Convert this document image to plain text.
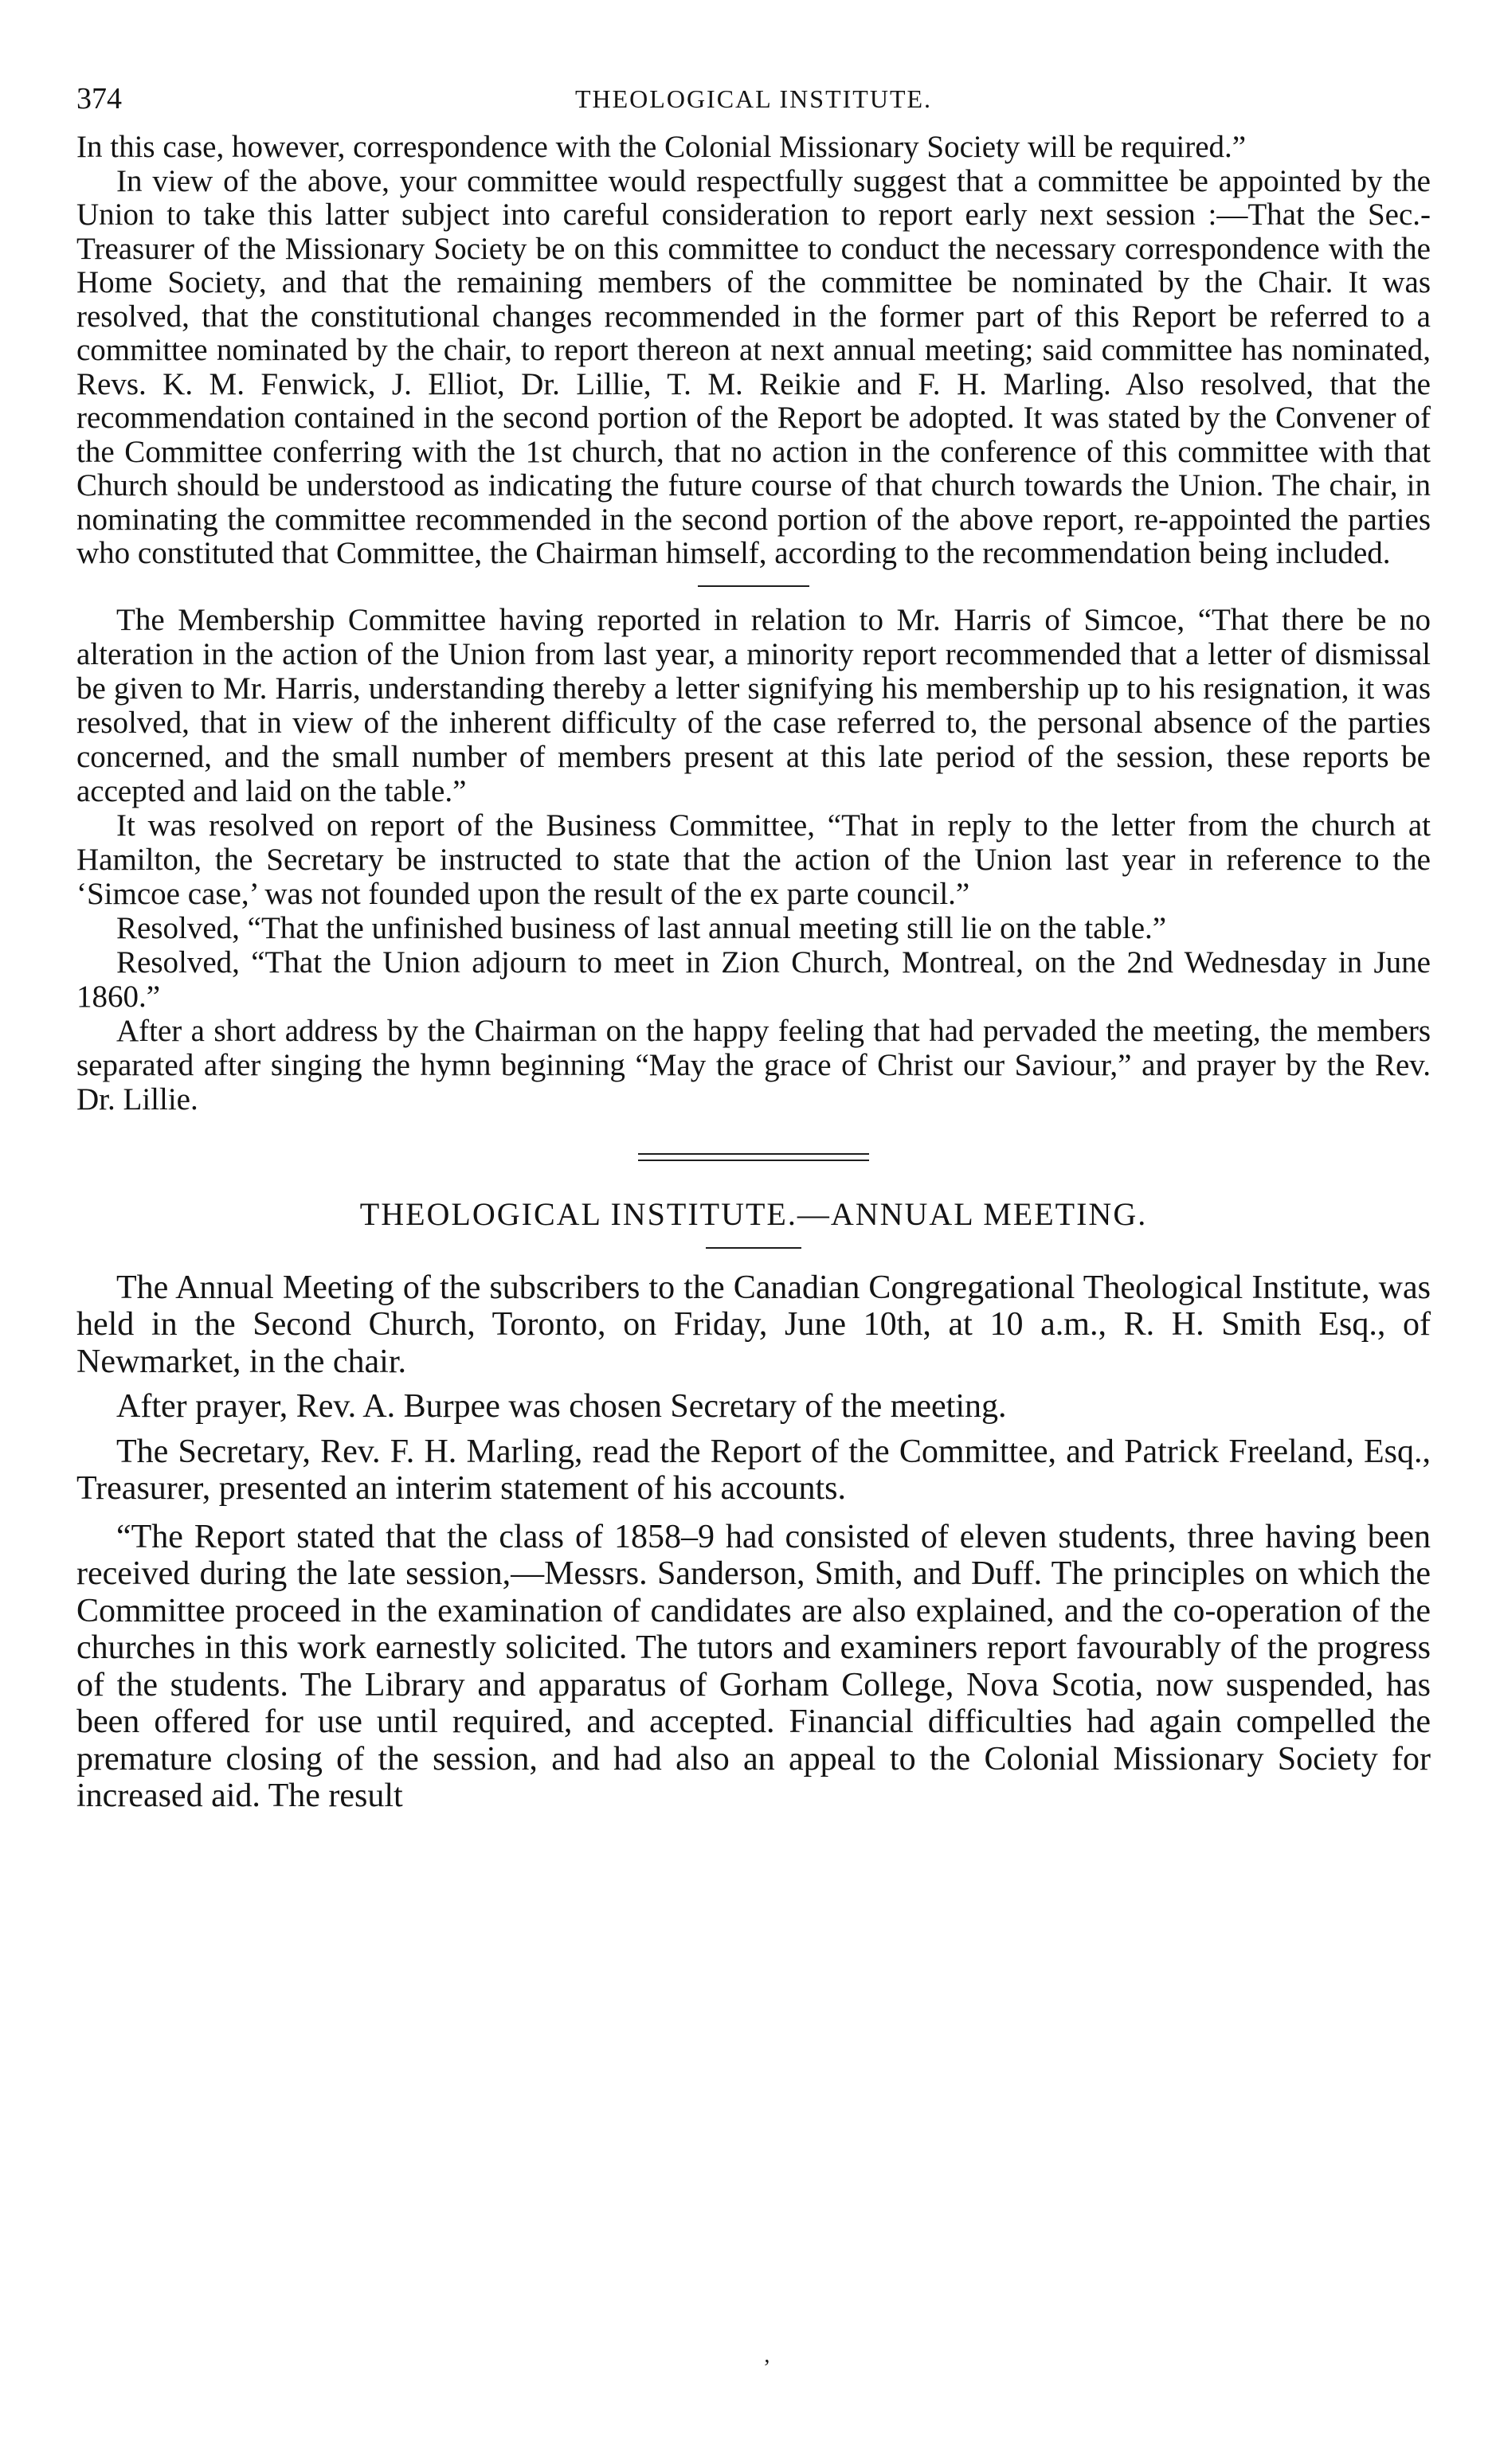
374	THEOLOGICAL INSTITUTE.

In this case, however, correspondence with the Colonial Missionary Society will be required.”

In view of the above, your committee would respectfully suggest that a committee be appointed by the Union to take this latter subject into careful consideration to report early next session :—That the Sec.-Treasurer of the Missionary Society be on this committee to conduct the necessary correspondence with the Home Society, and that the remaining members of the committee be nominated by the Chair. It was resolved, that the constitutional changes recommended in the former part of this Report be referred to a committee nominated by the chair, to report thereon at next annual meeting; said committee has nominated, Revs. K. M. Fenwick, J. Elliot, Dr. Lillie, T. M. Reikie and F. H. Marling. Also resolved, that the recommendation contained in the second portion of the Report be adopted. It was stated by the Convener of the Committee conferring with the 1st church, that no action in the conference of this committee with that Church should be understood as indicating the future course of that church towards the Union. The chair, in nominating the committee recommended in the second portion of the above report, re-appointed the parties who constituted that Committee, the Chairman himself, according to the recommendation being included.

The Membership Committee having reported in relation to Mr. Harris of Simcoe, “That there be no alteration in the action of the Union from last year, a minority report recommended that a letter of dismissal be given to Mr. Harris, understanding thereby a letter signifying his membership up to his resignation, it was resolved, that in view of the inherent difficulty of the case referred to, the personal absence of the parties concerned, and the small number of members present at this late period of the session, these reports be accepted and laid on the table.”

It was resolved on report of the Business Committee, “That in reply to the letter from the church at Hamilton, the Secretary be instructed to state that the action of the Union last year in reference to the ‘Simcoe case,’ was not founded upon the result of the ex parte council.”

Resolved, “That the unfinished business of last annual meeting still lie on the table.”

Resolved, “That the Union adjourn to meet in Zion Church, Montreal, on the 2nd Wednesday in June 1860.”

After a short address by the Chairman on the happy feeling that had pervaded the meeting, the members separated after singing the hymn beginning “May the grace of Christ our Saviour,” and prayer by the Rev. Dr. Lillie.

THEOLOGICAL INSTITUTE.—ANNUAL MEETING.

The Annual Meeting of the subscribers to the Canadian Congregational Theological Institute, was held in the Second Church, Toronto, on Friday, June 10th, at 10 a.m., R. H. Smith Esq., of Newmarket, in the chair.

After prayer, Rev. A. Burpee was chosen Secretary of the meeting.

The Secretary, Rev. F. H. Marling, read the Report of the Committee, and Patrick Freeland, Esq., Treasurer, presented an interim statement of his accounts.

“The Report stated that the class of 1858–9 had consisted of eleven students, three having been received during the late session,—Messrs. Sanderson, Smith, and Duff. The principles on which the Committee proceed in the examination of candidates are also explained, and the co-operation of the churches in this work earnestly solicited. The tutors and examiners report favourably of the progress of the students. The Library and apparatus of Gorham College, Nova Scotia, now suspended, has been offered for use until required, and accepted. Financial difficulties had again compelled the premature closing of the session, and had also an appeal to the Colonial Missionary Society for increased aid. The result

ʼ
